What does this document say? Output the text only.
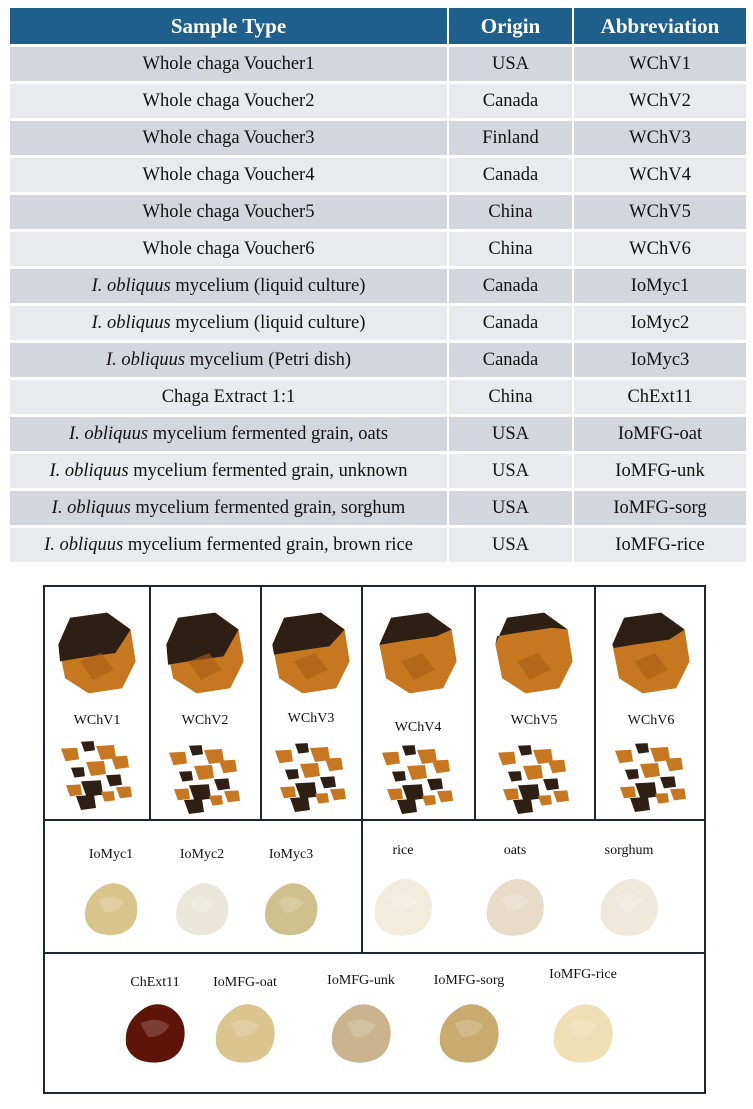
Sample Type	Origin	Abbreviation
Whole chaga Voucher1	USA	WChV1
Whole chaga Voucher2	Canada	WChV2
Whole chaga Voucher3	Finland	WChV3
Whole chaga Voucher4	Canada	WChV4
Whole chaga Voucher5	China	WChV5
Whole chaga Voucher6	China	WChV6
I. obliquus mycelium (liquid culture)	Canada	IoMyc1
I. obliquus mycelium (liquid culture)	Canada	IoMyc2
I. obliquus mycelium (Petri dish)	Canada	IoMyc3
Chaga Extract 1:1	China	ChExt11
I. obliquus mycelium fermented grain, oats	USA	IoMFG-oat
I. obliquus mycelium fermented grain, unknown	USA	IoMFG-unk
I. obliquus mycelium fermented grain, sorghum	USA	IoMFG-sorg
I. obliquus mycelium fermented grain, brown rice	USA	IoMFG-rice
WChV1	WChV2	WChV3
WChV4	WChV5	WChV6
IoMyc1	IoMyc2	IoMyc3	rice	oats	sorghum
ChExt11 IoMFG-oat	IoMFG-unk	IoMFG-sorg	IoMFG-rice
